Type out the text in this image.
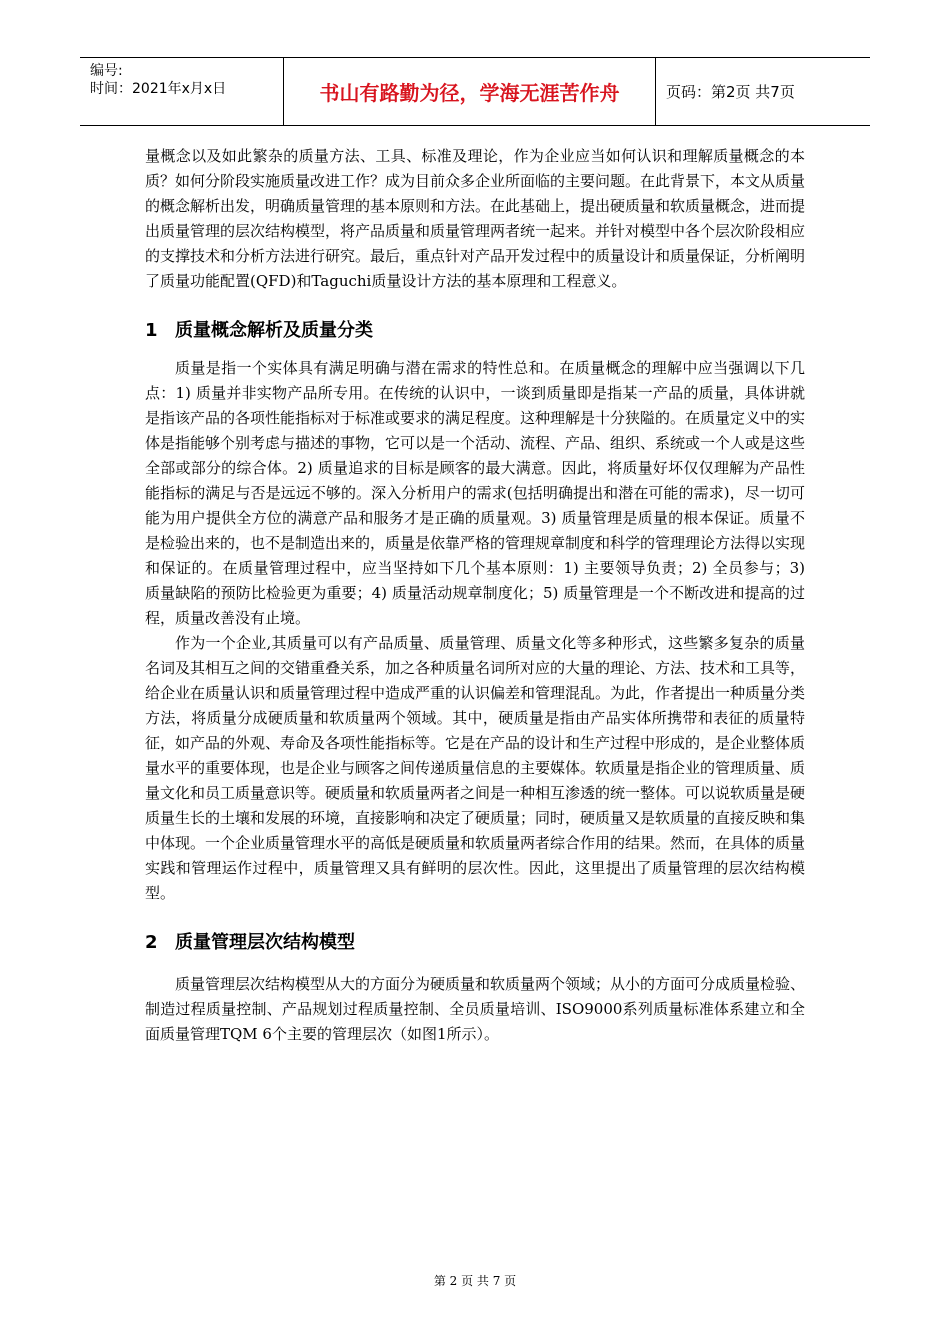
编号:
时间：2021年x月x日	书山有路勤为径，学海无涯苦作舟	页码：第2页 共7页

量概念以及如此繁杂的质量方法、工具、标准及理论，作为企业应当如何认识和理解质量概念的本质？如何分阶段实施质量改进工作？成为目前众多企业所面临的主要问题。在此背景下，本文从质量的概念解析出发，明确质量管理的基本原则和方法。在此基础上，提出硬质量和软质量概念，进而提出质量管理的层次结构模型，将产品质量和质量管理两者统一起来。并针对模型中各个层次阶段相应的支撑技术和分析方法进行研究。最后，重点针对产品开发过程中的质量设计和质量保证，分析阐明了质量功能配置(QFD)和Taguchi质量设计方法的基本原理和工程意义。

1 质量概念解析及质量分类

质量是指一个实体具有满足明确与潜在需求的特性总和。在质量概念的理解中应当强调以下几点：1) 质量并非实物产品所专用。在传统的认识中，一谈到质量即是指某一产品的质量，具体讲就是指该产品的各项性能指标对于标准或要求的满足程度。这种理解是十分狭隘的。在质量定义中的实体是指能够个别考虑与描述的事物，它可以是一个活动、流程、产品、组织、系统或一个人或是这些全部或部分的综合体。2) 质量追求的目标是顾客的最大满意。因此，将质量好坏仅仅理解为产品性能指标的满足与否是远远不够的。深入分析用户的需求(包括明确提出和潜在可能的需求)，尽一切可能为用户提供全方位的满意产品和服务才是正确的质量观。3) 质量管理是质量的根本保证。质量不是检验出来的，也不是制造出来的，质量是依靠严格的管理规章制度和科学的管理理论方法得以实现和保证的。在质量管理过程中，应当坚持如下几个基本原则：1) 主要领导负责；2) 全员参与；3) 质量缺陷的预防比检验更为重要；4) 质量活动规章制度化；5) 质量管理是一个不断改进和提高的过程，质量改善没有止境。

作为一个企业,其质量可以有产品质量、质量管理、质量文化等多种形式，这些繁多复杂的质量名词及其相互之间的交错重叠关系，加之各种质量名词所对应的大量的理论、方法、技术和工具等，给企业在质量认识和质量管理过程中造成严重的认识偏差和管理混乱。为此，作者提出一种质量分类方法，将质量分成硬质量和软质量两个领域。其中，硬质量是指由产品实体所携带和表征的质量特征，如产品的外观、寿命及各项性能指标等。它是在产品的设计和生产过程中形成的，是企业整体质量水平的重要体现，也是企业与顾客之间传递质量信息的主要媒体。软质量是指企业的管理质量、质量文化和员工质量意识等。硬质量和软质量两者之间是一种相互渗透的统一整体。可以说软质量是硬质量生长的土壤和发展的环境，直接影响和决定了硬质量；同时，硬质量又是软质量的直接反映和集中体现。一个企业质量管理水平的高低是硬质量和软质量两者综合作用的结果。然而，在具体的质量实践和管理运作过程中，质量管理又具有鲜明的层次性。因此，这里提出了质量管理的层次结构模型。

2 质量管理层次结构模型

质量管理层次结构模型从大的方面分为硬质量和软质量两个领域；从小的方面可分成质量检验、制造过程质量控制、产品规划过程质量控制、全员质量培训、ISO9000系列质量标准体系建立和全面质量管理TQM 6个主要的管理层次（如图1所示）。

第 2 页 共 7 页
